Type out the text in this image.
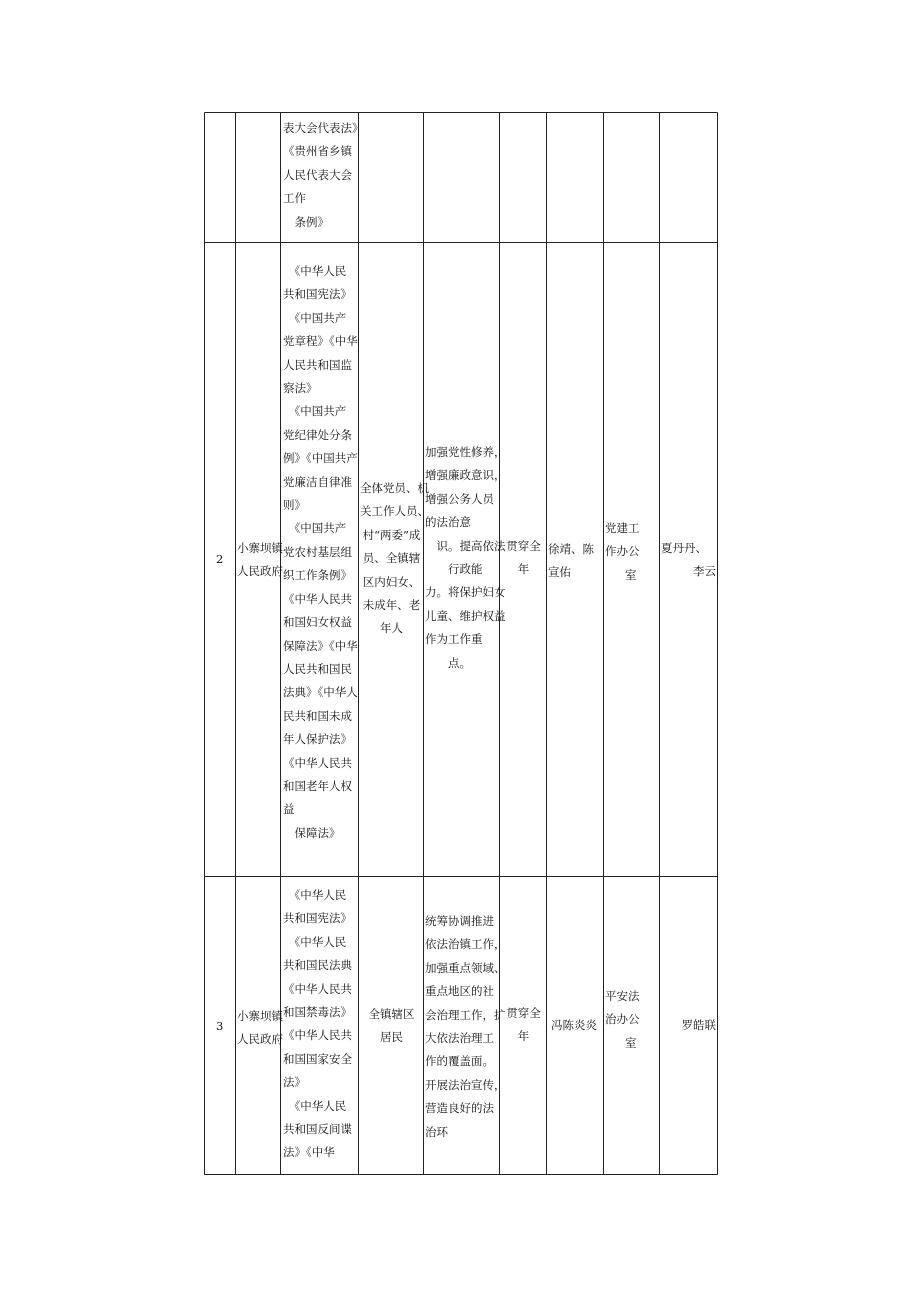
表大会代表法》
《贵州省乡镇
人民代表大会
工作
　条例》
2
小寨坝镇
人民政府
　《中华人民
共和国宪法》
　《中国共产
党章程》《中华
人民共和国监
察法》
　《中国共产
党纪律处分条
例》《中国共产
党廉洁自律准
则》
　《中国共产
党农村基层组
织工作条例》
《中华人民共
和国妇女权益
保障法》《中华
人民共和国民
法典》《中华人
民共和国未成
年人保护法》
《中华人民共
和国老年人权
益
　保障法》
全体党员、机
关工作人员、
村“两委”成
员、全镇辖
区内妇女、
未成年、老
年人
加强党性修养，
增强廉政意识，
增强公务人员
的法治意
　识。提高依法
　　行政能
力。将保护妇女
儿童、维护权益
作为工作重
　　点。
贯穿全
年
徐靖、陈宣佑
党建工
作办公
室
夏丹丹、
李云
3
小寨坝镇
人民政府
　《中华人民
共和国宪法》
　《中华人民
共和国民法典
《中华人民共
和国禁毒法》
《中华人民共
和国国家安全
法》
　《中华人民
共和国反间谍
法》《中华
全镇辖区
居民
统筹协调推进
依法治镇工作，
加强重点领域、
重点地区的社
会治理工作，扩
大依法治理工
作的覆盖面。
开展法治宣传，
营造良好的法
治环
贯穿全
年
冯陈炎炎
平安法
治办公
室
罗皓联
